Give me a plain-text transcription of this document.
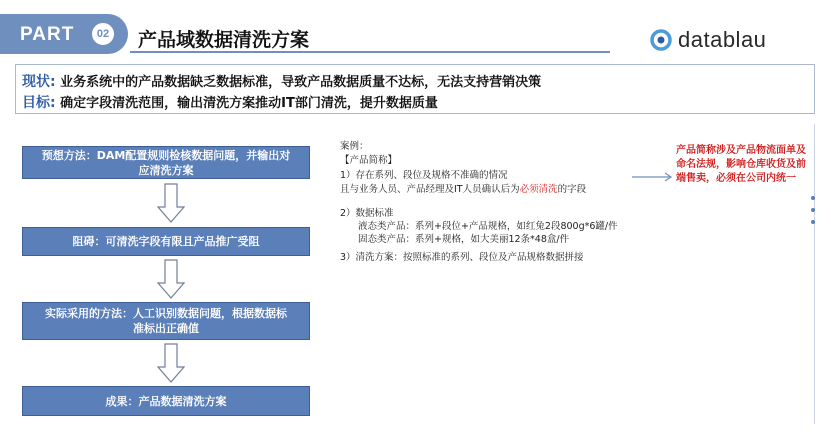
PART	02	产品域数据清洗方案	datablau
现状: 业务系统中的产品数据缺乏数据标准，导致产品数据质量不达标，无法支持营销决策
目标: 确定字段清洗范围，输出清洗方案推动IT部门清洗，提升数据质量
预想方法：DAM配置规则检核数据问题，并输出对应清洗方案
阻碍：可清洗字段有限且产品推广受阻
实际采用的方法：人工识别数据问题，根据数据标准标出正确值
成果：产品数据清洗方案
案例：
【产品简称】
1）存在系列、段位及规格不准确的情况
且与业务人员、产品经理及IT人员确认后为必须清洗的字段
2）数据标准
液态类产品：系列+段位+产品规格，如红兔2段800g*6罐/件
固态类产品：系列+规格，如大美丽12条*48盒/件
3）清洗方案：按照标准的系列、段位及产品规格数据拼接
产品简称涉及产品物流面单及命名法规，影响仓库收货及前端售卖，必须在公司内统一
